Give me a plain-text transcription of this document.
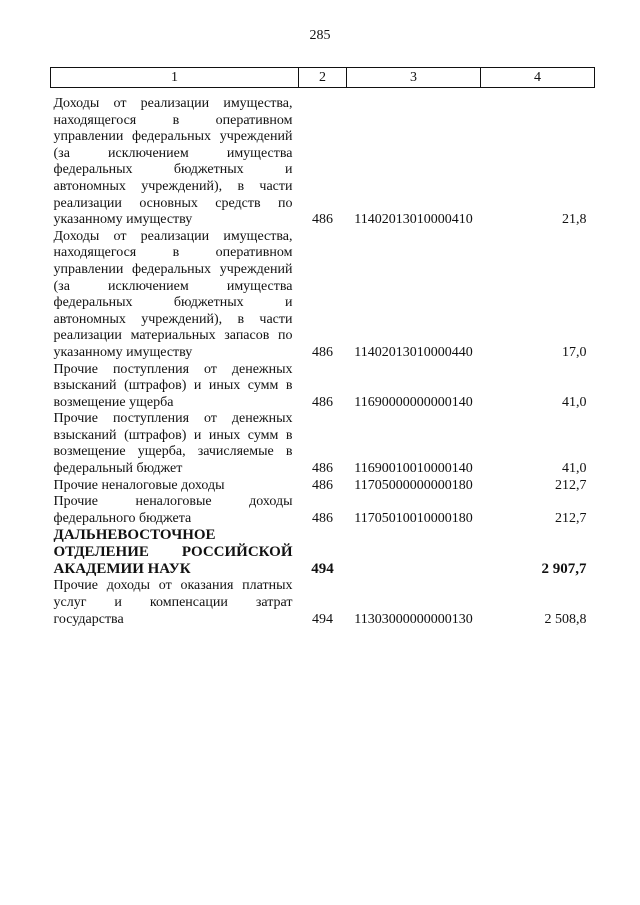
285
1	2	3	4
Доходы от реализации имущества, находящегося в оперативном управлении федеральных учреждений (за исключением имущества федеральных бюджетных и автономных учреждений), в части реализации основных средств по указанному имуществу	486	11402013010000410	21,8
Доходы от реализации имущества, находящегося в оперативном управлении федеральных учреждений (за исключением имущества федеральных бюджетных и автономных учреждений), в части реализации материальных запасов по указанному имуществу	486	11402013010000440	17,0
Прочие поступления от денежных взысканий (штрафов) и иных сумм в возмещение ущерба	486	11690000000000140	41,0
Прочие поступления от денежных взысканий (штрафов) и иных сумм в возмещение ущерба, зачисляемые в федеральный бюджет	486	11690010010000140	41,0
Прочие неналоговые доходы	486	11705000000000180	212,7
Прочие неналоговые доходы федерального бюджета	486	11705010010000180	212,7
ДАЛЬНЕВОСТОЧНОЕ ОТДЕЛЕНИЕ РОССИЙСКОЙ АКАДЕМИИ НАУК	494		2 907,7
Прочие доходы от оказания платных услуг и компенсации затрат государства	494	11303000000000130	2 508,8
